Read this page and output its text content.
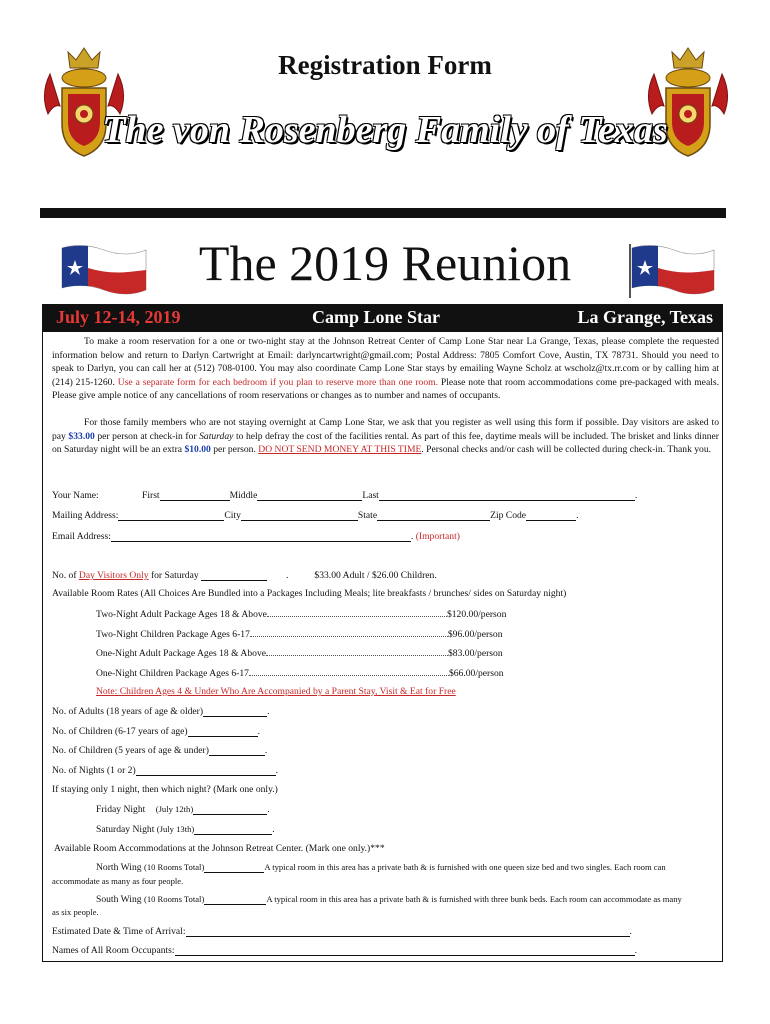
Registration Form
The von Rosenberg Family of Texas
The 2019 Reunion
July 12-14, 2019	Camp Lone Star	La Grange, Texas
To make a room reservation for a one or two-night stay at the Johnson Retreat Center of Camp Lone Star near La Grange, Texas, please complete the requested information below and return to Darlyn Cartwright at Email: darlyncartwright@gmail.com; Postal Address: 7805 Comfort Cove, Austin, TX 78731. Should you need to speak to Darlyn, you can call her at (512) 708-0100. You may also coordinate Camp Lone Star stays by emailing Wayne Scholz at wscholz@tx.rr.com or by calling him at (214) 215-1260. Use a separate form for each bedroom if you plan to reserve more than one room. Please note that room accommodations come pre-packaged with meals. Please give ample notice of any cancellations of room reservations or changes as to number and names of occupants.
For those family members who are not staying overnight at Camp Lone Star, we ask that you register as well using this form if possible. Day visitors are asked to pay $33.00 per person at check-in for Saturday to help defray the cost of the facilities rental. As part of this fee, daytime meals will be included. The brisket and links dinner on Saturday night will be an extra $10.00 per person. DO NOT SEND MONEY AT THIS TIME. Personal checks and/or cash will be collected during check-in. Thank you.
Your Name:	First	Middle	Last	.
Mailing Address:	City	State	Zip Code	.
Email Address:	. (Important)
No. of Day Visitors Only for Saturday	.	$33.00 Adult / $26.00 Children.
Available Room Rates (All Choices Are Bundled into a Packages Including Meals; lite breakfasts / brunches/ sides on Saturday night)
Two-Night Adult Package Ages 18 & Above	$120.00/person
Two-Night Children Package Ages 6-17	$96.00/person
One-Night Adult Package Ages 18 & Above	$83.00/person
One-Night Children Package Ages 6-17	$66.00/person
Note: Children Ages 4 & Under Who Are Accompanied by a Parent Stay, Visit & Eat for Free
No. of Adults (18 years of age & older)	.
No. of Children (6-17 years of age)	.
No. of Children (5 years of age & under)	.
No. of Nights (1 or 2)	.
If staying only 1 night, then which night? (Mark one only.)
Friday Night (July 12th)	.
Saturday Night (July 13th)	.
Available Room Accommodations at the Johnson Retreat Center. (Mark one only.)***
North Wing (10 Rooms Total)	A typical room in this area has a private bath & is furnished with one queen size bed and two singles. Each room can
accommodate as many as four people.
South Wing (10 Rooms Total)	A typical room in this area has a private bath & is furnished with three bunk beds. Each room can accommodate as many
as six people.
Estimated Date & Time of Arrival:	.
Names of All Room Occupants:	.
